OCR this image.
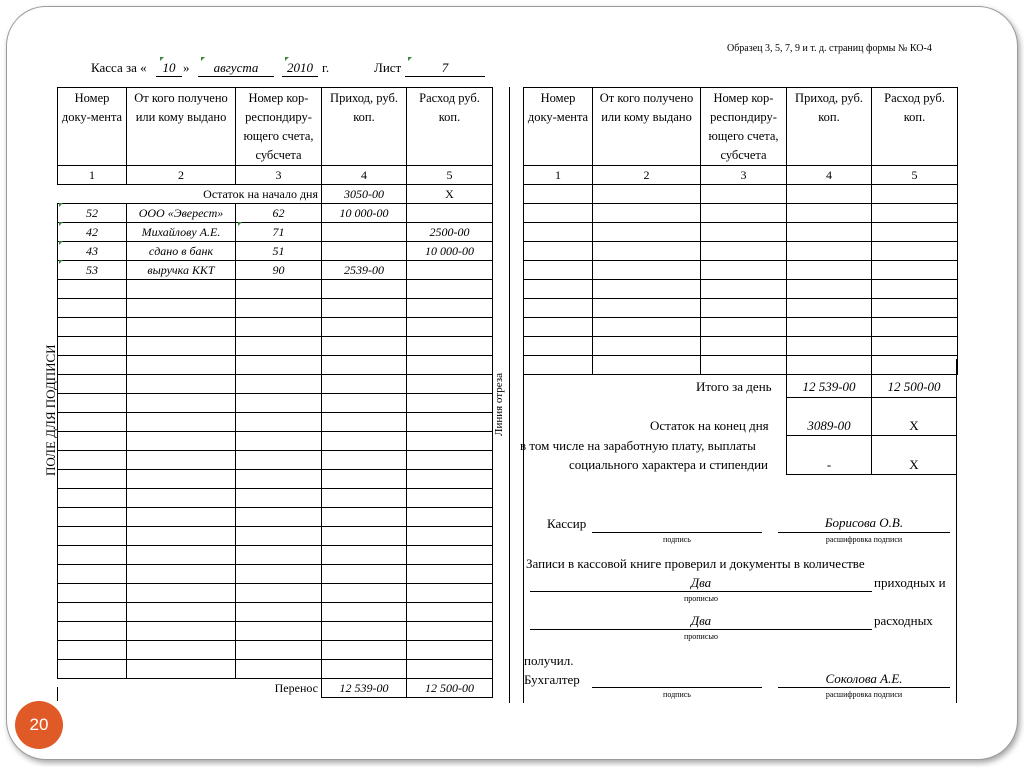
Образец 3, 5, 7, 9 и т. д. страниц формы № КО-4
Касса за «	10 »	августа	2010 г.	Лист	7
Номер доку-мента	От кого получено или кому выдано	Номер кор-респондиру-ющего счета, субсчета	Приход, руб. коп.	Расход руб. коп.
1	2	3	4	5
Остаток на начало дня			3050-00	X
52	ООО «Эверест»	62	10 000-00	
42	Михайлову А.Е.	71		2500-00
43	сдано в банк	51		10 000-00
53	выручка ККТ	90	2539-00	

Перенос			12 539-00	12 500-00
ПОЛЕ ДЛЯ ПОДПИСИ	Линия отреза
Номер доку-мента	От кого получено или кому выдано	Номер кор-респондиру-ющего счета, субсчета	Приход, руб. коп.	Расход руб. коп.
1	2	3	4	5

Итого за день	12 539-00	12 500-00
Остаток на конец дня	3089-00	X
в том числе на заработную плату, выплаты
социального характера и стипендии	-	X
Кассир
подпись
Борисова О.В.
расшифровка подписи
Записи в кассовой книге проверил и документы в количестве
Два
прописью
приходных и
Два
прописью
расходных
получил.
Бухгалтер
подпись
Соколова А.Е.
расшифровка подписи
20
